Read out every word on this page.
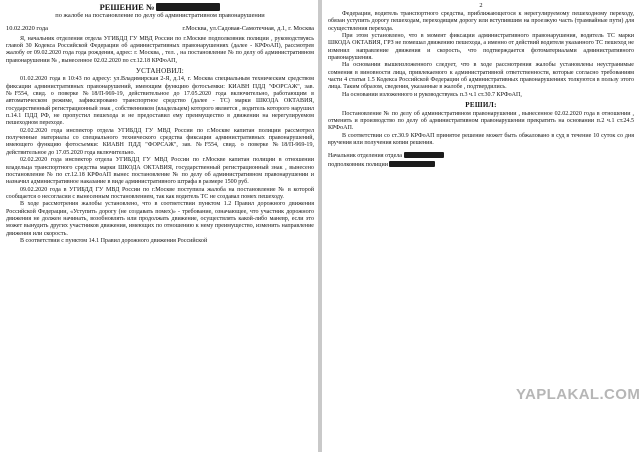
РЕШЕНИЕ №

по жалобе на постановление по делу об административном правонарушении

10.02.2020 года	г.Москва, ул.Садовая-Самотечная, д.1, г. Москва

Я, начальник отделения отдела УГИБДД ГУ МВД России по г.Москве подполковник полиции , руководствуясь главой 30 Кодекса Российской Федерации об административных правонарушениях (далее - КРФоАП), рассмотрев жалобу от 09.02.2020 года года рождения, адрес: г. Москва, , тел. , на постановление № по делу об административном правонарушении № , вынесенное 02.02.2020 по ст.12.18 КРФоАП,

УСТАНОВИЛ:

01.02.2020 года в 10:43 по адресу: ул.Владимирская 2-Я, д.14, г. Москва специальным техническим средством фиксации административных правонарушений, имеющим функцию фотосъемки: КИАВН ПДД "ФОРСАЖ", зав. №F554, свид. о поверке №18/П-969-19, действительное до 17.05.2020 года включительно, работающим в автоматическом режиме, зафиксировано транспортное средство (далее - ТС) марки ШКОДА ОКТАВИЯ, государственный регистрационный знак , собственником (владельцем) которого является , водитель которого нарушил п.14.1 ПДД РФ, не пропустил пешехода и не предоставил ему преимущество в движении на нерегулируемом пешеходном переходе.

02.02.2020 года инспектор отдела УГИБДД ГУ МВД России по г.Москве капитан полиции рассмотрел полученные материалы со специального технического средства фиксации административных правонарушений, имеющего функцию фотосъемки: КИАВН ПДД "ФОРСАЖ", зав. №F554, свид. о поверке №18/П-969-19, действительное до 17.05.2020 года включительно.

02.02.2020 года инспектор отдела УГИБДД ГУ МВД России по г.Москве капитан полиции в отношении владельца транспортного средства марки ШКОДА ОКТАВИЯ, государственный регистрационный знак , вынесено постановление № по ст.12.18 КРФоАП вынес постановление № по делу об административном правонарушении и назначил административное наказание в виде административного штрафа в размере 1500 руб.

09.02.2020 года в УГИБДД ГУ МВД России по г.Москве поступила жалоба на постановление № в которой сообщается о несогласии с вынесенным постановлением, так как водитель ТС не создавал помех пешеходу.

В ходе рассмотрения жалобы установлено, что в соответствии пунктом 1.2 Правил дорожного движения Российской Федерации, «Уступить дорогу (не создавать помех)» - требование, означающее, что участник дорожного движения не должен начинать, возобновлять или продолжать движение, осуществлять какой-либо маневр, если это может вынудить других участников движения, имеющих по отношению к нему преимущество, изменить направление движения или скорость.

В соответствии с пунктом 14.1 Правил дорожного движения Российской

2

Федерации, водитель транспортного средства, приближающегося к нерегулируемому пешеходному переходу, обязан уступить дорогу пешеходам, переходящим дорогу или вступившим на проезжую часть (трамвайные пути) для осуществления перехода.

При этом установлено, что в момент фиксации административного правонарушения, водитель ТС марки ШКОДА ОКТАВИЯ, ГРЗ не помешал движению пешехода, а именно от действий водителя указанного ТС пешеход не изменил направление движения и скорость, что подтверждается фотоматериалами административного правонарушения.

На основании вышеизложенного следует, что в ходе рассмотрения жалобы установлены неустранимые сомнения в виновности лица, привлекаемого к административной ответственности, которые согласно требованиям части 4 статьи 1.5 Кодекса Российской Федерации об административных правонарушениях толкуются в пользу этого лица. Таким образом, сведения, указанные в жалобе , подтвердились.

На основании изложенного и руководствуясь п.3 ч.1 ст.30.7 КРФоАП,

РЕШИЛ:

Постановление № по делу об административном правонарушении , вынесенное 02.02.2020 года в отношении , отменить и производство по делу об административном правонарушении прекратить на основании п.2 ч.1 ст.24.5 КРФоАП.

В соответствии со ст.30.9 КРФоАП принятое решение может быть обжаловано в суд в течение 10 суток со дня вручения или получения копии решения.

Начальник отделения отдела

подполковник полиции

YAPLAKAL.COM
